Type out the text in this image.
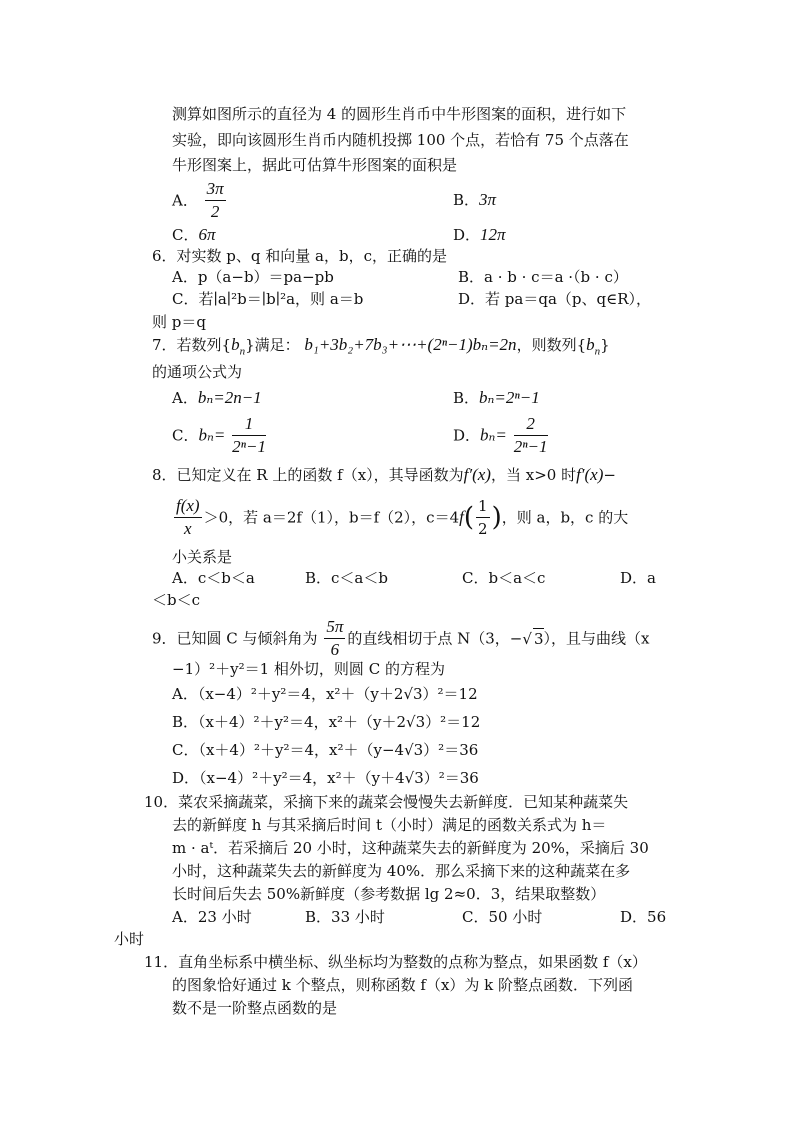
测算如图所示的直径为 4 的圆形生肖币中牛形图案的面积，进行如下
实验，即向该圆形生肖币内随机投掷 100 个点，若恰有 75 个点落在
牛形图案上，据此可估算牛形图案的面积是
A． $\frac{3\pi}{2}$	B．3π
C．6π	D．12π
6．对实数 p、q 和向量 a，b，c，正确的是
A．p（a−b）＝pa−pb	B．a · b · c＝a ·（b · c）
C．若∣a∣²b＝∣b∣²a，则 a＝b	D．若 pa＝qa（p、q∈R），
则 p＝q
7．若数列$\{b_n\}$满足： b₁+3b₂+7b₃+⋯+(2ⁿ−1)bₙ=2n，则数列$\{b_n\}$
的通项公式为
A．bₙ=2n−1	B．bₙ=2ⁿ−1
C．$b_n= \frac{1}{\text{2ⁿ−1}}$	D．$b_n= \frac{2}{\text{2ⁿ−1}}$
8．已知定义在 R 上的函数 f（x），其导函数为f′(x)，当 x>0 时f′(x)−
$\frac{f(x)}{x} >0$，若 a＝2f（1），b＝f（2），$c=4f( \frac{1}{2}$ )，则 a，b，c 的大
小关系是
A．c＜b＜a	B．c＜a＜b	C．b＜a＜c	D．a
＜b＜c
9．已知圆 C 与倾斜角为 $\frac{5\pi}{6}$ 的直线相切于点 N（3，−√ 3），且与曲线（x
−1）²＋y²＝1 相外切，则圆 C 的方程为
A．（x−4）²＋y²＝4，x²＋（y＋2√3）²＝12
B．（x＋4）²＋y²＝4，x²＋（y＋2√3）²＝12
C．（x＋4）²＋y²＝4，x²＋（y−4√3）²＝36
D．（x−4）²＋y²＝4，x²＋（y＋4√3）²＝36
10．菜农采摘蔬菜，采摘下来的蔬菜会慢慢失去新鲜度．已知某种蔬菜失
去的新鲜度 h 与其采摘后时间 t（小时）满足的函数关系式为 h＝
m · aᵗ．若采摘后 20 小时，这种蔬菜失去的新鲜度为 20%，采摘后 30
小时，这种蔬菜失去的新鲜度为 40%．那么采摘下来的这种蔬菜在多
长时间后失去 50%新鲜度（参考数据 lg 2≈0．3，结果取整数）
A．23 小时	B．33 小时	C．50 小时	D．56
小时
11．直角坐标系中横坐标、纵坐标均为整数的点称为整点，如果函数 f（x）
的图象恰好通过 k 个整点，则称函数 f（x）为 k 阶整点函数．下列函
数不是一阶整点函数的是
